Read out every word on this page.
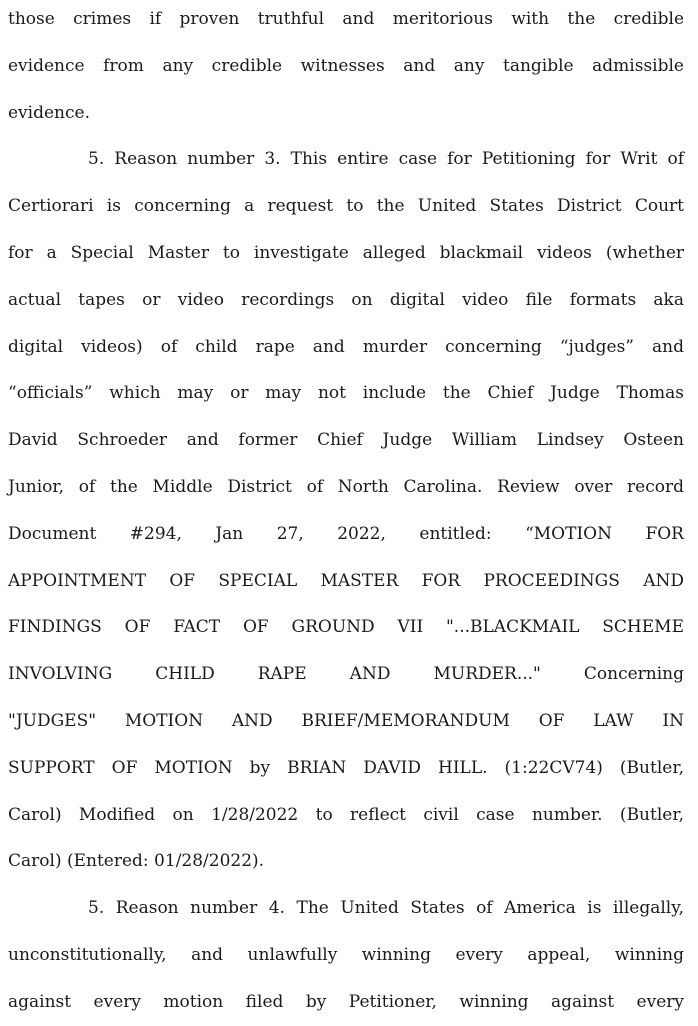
those crimes if proven truthful and meritorious with the credible
evidence from any credible witnesses and any tangible admissible
evidence.

5. Reason number 3. This entire case for Petitioning for Writ of
Certiorari is concerning a request to the United States District Court
for a Special Master to investigate alleged blackmail videos (whether
actual tapes or video recordings on digital video file formats aka
digital videos) of child rape and murder concerning “judges” and
“officials” which may or may not include the Chief Judge Thomas
David Schroeder and former Chief Judge William Lindsey Osteen
Junior, of the Middle District of North Carolina. Review over record
Document #294, Jan 27, 2022, entitled: “MOTION FOR
APPOINTMENT OF SPECIAL MASTER FOR PROCEEDINGS AND
FINDINGS OF FACT OF GROUND VII "...BLACKMAIL SCHEME
INVOLVING CHILD RAPE AND MURDER..." Concerning
"JUDGES" MOTION AND BRIEF/MEMORANDUM OF LAW IN
SUPPORT OF MOTION by BRIAN DAVID HILL. (1:22CV74) (Butler,
Carol) Modified on 1/28/2022 to reflect civil case number. (Butler,
Carol) (Entered: 01/28/2022).

5. Reason number 4. The United States of America is illegally,
unconstitutionally, and unlawfully winning every appeal, winning
against every motion filed by Petitioner, winning against every
